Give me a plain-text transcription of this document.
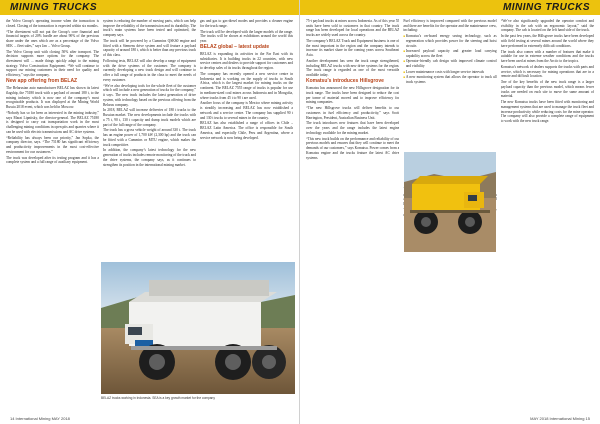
MINING TRUCKS

the Volvo Group’s operating income when the transaction is closed. Closing of the transaction is expected within six months.

“The divestment will not put the Group’s core financial and financial targets of 20% hurdle are about 90% of the previous share under the ones which are as a percentage of the Volvo SEK ... fleet sales,” says Jan ... Volvo Group.

The Volvo Group unit with closing 50% after transport. The decision supports more options for the company. The divestment will ... made things quickly adapt to the mining strategy. Volvo Construction Equipment. “We will continue to support our mining customers in their need for quality and efficiency,” says the company.

New app offering from BELAZ

The Belarusian auto manufacturer BELAZ has shown its latest flagship, the 75180 truck with a payload of around 180 t, to the mining industry which is now one of the company’s most recognisable products. It was displayed at the Mining World Russia 2018 event, which was held in Moscow.

“Nobody has so far been as interested in the mining industry,” says Marat Lipnitsky, the director-general. The BELAZ 75180 is designed to carry out transportation work in the most challenging mining conditions in open pits and quarries where it can be used with electric transmissions and AC drive systems.

“Reliability has always been our priority,” Jan Sopko, the company director, says. “The 75180 has significant efficiency and productivity improvements in the most cost-effective environment for our customers.”

The truck was developed after its testing program and it has a complete system and a full range of auxiliary equipment.

system is reducing the number of moving parts, which can help improve the reliability of the transmission and its durability. The truck’s main systems have been tested and optimised, the company says.

The truck will be powered by a Cummins QSK60 engine and fitted with a Siemens drive system and will feature a payload capacity of around 180 t, which is better than any previous truck of this class.

Following tests, BELAZ will also develop a range of equipment with the drive systems of the customer. The company is currently developing a new truck design and will continue to offer a full range of products in the class to meet the needs of every customer.

“We’re also developing tools for the whole fleet of the customer which will include a new generation of trucks for the company,” it says. The new truck includes the latest generation of drive system, with technology based on the previous offering from the Belarus company.

In 2018, BELAZ will increase deliveries of 180 t trucks to the Russian market. The new developments include the trucks with a 75 t, 90 t, 130 t capacity and dump truck models which are part of the full range of the company.

The truck has a gross vehicle weight of around 330 t. The truck has an engine power of 1,700 kW (2,300 hp) and the truck can be fitted with a Cummins or MTU engine, which makes the truck competitive.

In addition, the company’s latest technology for the new generation of trucks includes remote monitoring of the truck and the drive systems, the company says, as it continues to strengthen its position in the international mining market.

gas and gas to gas-diesel modes and provides a cleaner engine for the truck range.

The truck will be developed with the larger models of the range. The trucks will be shown at exhibitions around the world this year.

BELAZ global – latest update

BELAZ is expanding its activities in the Far East with its subsidiaries. It is building trucks in 22 countries, with new service centres and dealers to provide support for customers and to develop sales of its trucks throughout the region.

The company has recently opened a new service centre in Indonesia and is working on the supply of trucks to South Africa, which is the largest market for mining trucks on the continent. The BELAZ 7555 range of trucks is popular for use in medium-sized coal mines across Indonesia and in Mongolia, where trucks from 45 t to 90 t are used.

Another focus of the company is Mexico where mining activity is steadily increasing and BELAZ has now established a network and a service centre. The company has supplied 90 t and 130 t trucks to several mines in the country.

BELAZ has also established a range of offices in Chile – BELAZ Latin America. The office is responsible for South America, and especially Chile, Peru and Argentina, where a service network is now being developed.

BELAZ trucks working in Indonesia. SEA is a key growth market for the company
14 International Mining MAY 2018
MINING TRUCKS

75-t payload trucks at mines across Indonesia. As of this year 55 units have been sold to customers in that country. The truck range has been developed for local operations and the BELAZ trucks are widely used across the country.

The company’s BELAZ Truck and Equipment business is one of the most important in the region and the company intends to increase its market share in the coming years across Southeast Asia.

Another development has seen the truck range strengthened, including BELAZ trucks with new drive systems for the region. The truck range is regarded as one of the most versatile available today.

Komatsu’s introduces Hillsgrove

Komatsu has announced the new Hillsgrove designation for its truck range. The trucks have been designed to reduce the cost per tonne of material moved and to improve efficiency for mining companies.

“The new Hillsgrove trucks will deliver benefits to our customers in fuel efficiency and productivity,” says Scott Harrington, President, Australian Business Unit.

The truck introduces new features that have been developed over the years and the range includes the latest engine technology available for the mining market.

“This new truck builds on the performance and reliability of our previous models and ensures that they will continue to meet the demands of our customers,” says Komatsu. Power comes from a Komatsu engine and the trucks feature the latest AC drive systems.

Fuel efficiency is improved compared with the previous model and there are benefits for the operator and the maintenance crew, including:

■ Komatsu’s on-board energy saving technology, such as regeneration which provides power for the steering and hoist circuits

■ Increased payload capacity and greater load carrying capability across the fleet

■ Operator-friendly cab design with improved climate control and visibility

■ Lower maintenance costs with longer service intervals

■ A new monitoring system that allows the operator to track all truck systems

“We’ve also significantly upgraded the operator comfort and visibility in the cab with an ergonomic layout,” said the company. The cab is located on the left hand side of the truck.

In the past few years, the Hillsgrove trucks have been developed with field testing at several mines around the world where they have performed in extremely difficult conditions.

The truck also comes with a number of features that make it suitable for use in extreme weather conditions and the trucks have been used at mines from the Arctic to the tropics.

Komatsu’s network of dealers supports the trucks with parts and service, which is necessary for mining operations that are in a remote and difficult location.

One of the key benefits of the new truck range is a larger payload capacity than the previous model, which means fewer trucks are needed on each site to move the same amount of material.

The new Komatsu trucks have been fitted with monitoring and management systems that are used to manage the truck fleet and increase productivity while reducing costs for the mine operator. The company will also provide a complete range of equipment to work with the new truck range.

MAY 2018 International Mining 15
